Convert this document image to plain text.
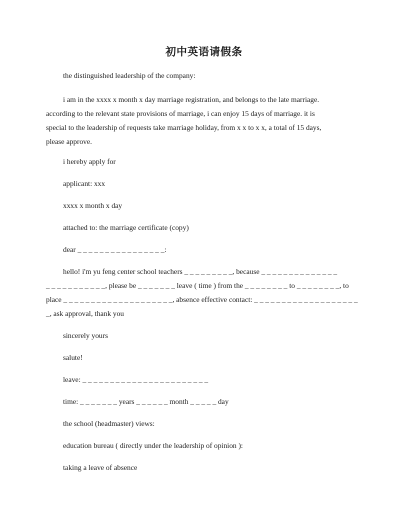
初中英语请假条
the distinguished leadership of the company:
i am in the xxxx x month x day marriage registration, and belongs to the late marriage.
according to the relevant state provisions of marriage, i can enjoy 15 days of marriage. it is
special to the leadership of requests take marriage holiday, from x x to x x, a total of 15 days,
please approve.
i hereby apply for
applicant: xxx
xxxx x month x day
attached to: the marriage certificate (copy)
dear _ _ _ _ _ _ _ _ _ _ _ _ _ _ _ _:
hello! i'm yu feng center school teachers _ _ _ _ _ _ _ _ _, because _ _ _ _ _ _ _ _ _ _ _ _ _ _
_ _ _ _ _ _ _ _ _ _ _, please be _ _ _ _ _ _ _ leave ( time ) from the _ _ _ _ _ _ _ _ to _ _ _ _ _ _ _ _, to
place _ _ _ _ _ _ _ _ _ _ _ _ _ _ _ _ _ _ _ _, absence effective contact: _ _ _ _ _ _ _ _ _ _ _ _ _ _ _ _ _ _ _
_, ask approval, thank you
sincerely yours
salute!
leave: _ _ _ _ _ _ _ _ _ _ _ _ _ _ _ _ _ _ _ _ _ _ _
time: _ _ _ _ _ _ _ years _ _ _ _ _ _ month _ _ _ _ _ day
the school (headmaster) views:
education bureau ( directly under the leadership of opinion ):
taking a leave of absence
